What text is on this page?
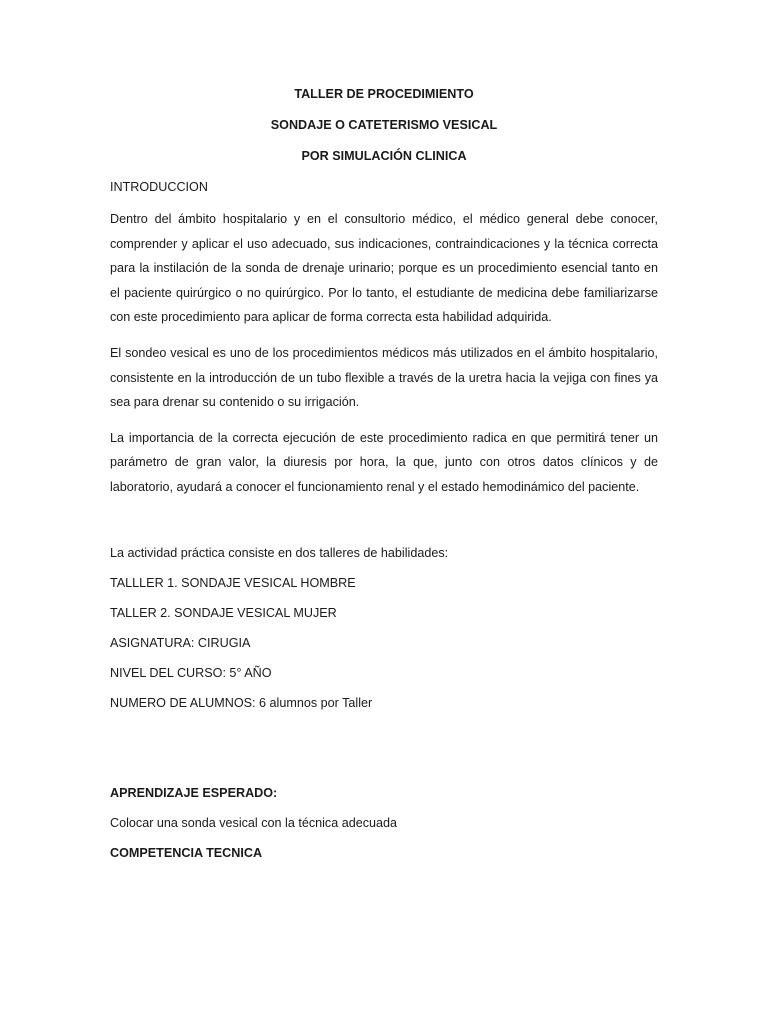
TALLER DE PROCEDIMIENTO
SONDAJE O CATETERISMO VESICAL
POR SIMULACIÓN CLINICA
INTRODUCCION

Dentro del ámbito hospitalario y en el consultorio médico, el médico general debe conocer, comprender y aplicar el uso adecuado, sus indicaciones, contraindicaciones y la técnica correcta para la instilación de la sonda de drenaje urinario; porque es un procedimiento esencial tanto en el paciente quirúrgico o no quirúrgico. Por lo tanto, el estudiante de medicina debe familiarizarse con este procedimiento para aplicar de forma correcta esta habilidad adquirida.

El sondeo vesical es uno de los procedimientos médicos más utilizados en el ámbito hospitalario, consistente en la introducción de un tubo flexible a través de la uretra hacia la vejiga con fines ya sea para drenar su contenido o su irrigación.

La importancia de la correcta ejecución de este procedimiento radica en que permitirá tener un parámetro de gran valor, la diuresis por hora, la que, junto con otros datos clínicos y de laboratorio, ayudará a conocer el funcionamiento renal y el estado hemodinámico del paciente.

La actividad práctica consiste en dos talleres de habilidades:
TALLLER 1. SONDAJE VESICAL HOMBRE
TALLER 2. SONDAJE VESICAL MUJER
ASIGNATURA: CIRUGIA
NIVEL DEL CURSO: 5° AÑO
NUMERO DE ALUMNOS: 6 alumnos por Taller
APRENDIZAJE ESPERADO:
Colocar una sonda vesical con la técnica adecuada
COMPETENCIA TECNICA
